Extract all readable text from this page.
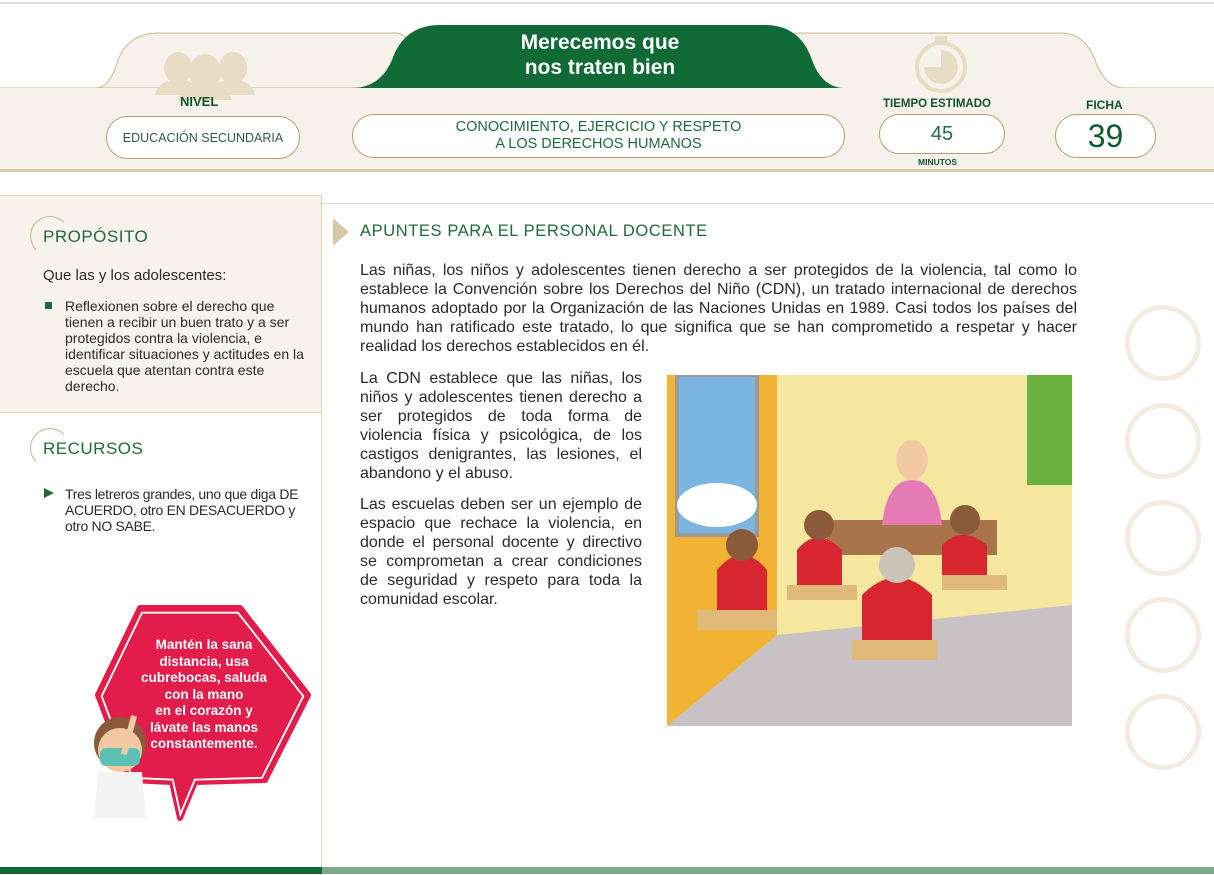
Merecemos que
nos traten bien
NIVEL
EDUCACIÓN SECUNDARIA
CONOCIMIENTO, EJERCICIO Y RESPETO
A LOS DERECHOS HUMANOS
TIEMPO ESTIMADO
45
MINUTOS
FICHA
39
PROPÓSITO
Que las y los adolescentes:
Reflexionen sobre el derecho que tienen a recibir un buen trato y a ser protegidos contra la violencia, e identificar situaciones y actitudes en la escuela que atentan contra este derecho.
RECURSOS
Tres letreros grandes, uno que diga DE ACUERDO, otro EN DESACUERDO y otro NO SABE.
Mantén la sana
distancia, usa
cubrebocas, saluda
con la mano
en el corazón y
lávate las manos
constantemente.
APUNTES PARA EL PERSONAL DOCENTE
Las niñas, los niños y adolescentes tienen derecho a ser protegidos de la violencia, tal como lo establece la Convención sobre los Derechos del Niño (CDN), un tratado internacional de derechos humanos adoptado por la Organización de las Naciones Unidas en 1989. Casi todos los países del mundo han ratificado este tratado, lo que significa que se han comprometido a respetar y hacer realidad los derechos establecidos en él.
La CDN establece que las niñas, los niños y adolescentes tienen derecho a ser protegidos de toda forma de violencia física y psicológica, de los castigos denigrantes, las lesiones, el abandono y el abuso.
Las escuelas deben ser un ejemplo de espacio que rechace la violencia, en donde el personal docente y directivo se comprometan a crear condiciones de seguridad y respeto para toda la comunidad escolar.
